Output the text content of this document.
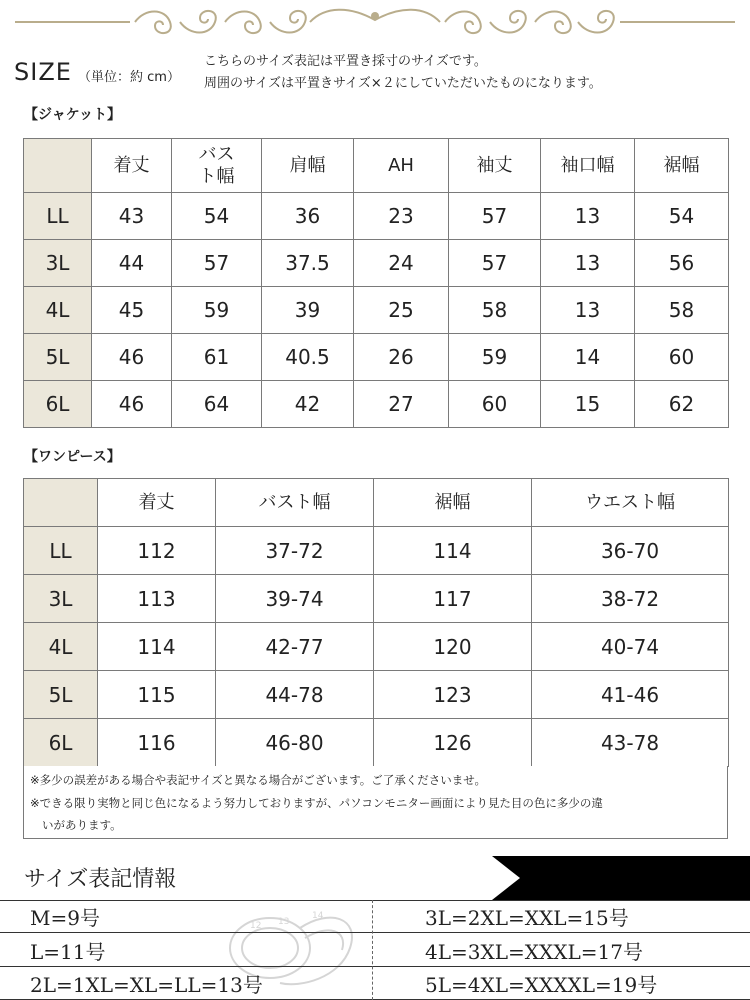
SIZE （単位：約 cm）
こちらのサイズ表記は平置き採寸のサイズです。
周囲のサイズは平置きサイズ×２にしていただいたものになります。
【ジャケット】
	着丈	バスト幅	肩幅	AH	袖丈	袖口幅	裾幅
LL	43	54	36	23	57	13	54
3L	44	57	37.5	24	57	13	56
4L	45	59	39	25	58	13	58
5L	46	61	40.5	26	59	14	60
6L	46	64	42	27	60	15	62
【ワンピース】
	着丈	バスト幅	裾幅	ウエスト幅
LL	112	37-72	114	36-70
3L	113	39-74	117	38-72
4L	114	42-77	120	40-74
5L	115	44-78	123	41-46
6L	116	46-80	126	43-78
※多少の誤差がある場合や表記サイズと異なる場合がございます。ご了承くださいませ。
※できる限り実物と同じ色になるよう努力しておりますが、パソコンモニター画面により見た目の色に多少の違
いがあります。
サイズ表記情報
12 13
14
M=9号
L=11号
2L=1XL=XL=LL=13号
3L=2XL=XXL=15号
4L=3XL=XXXL=17号
5L=4XL=XXXXL=19号
